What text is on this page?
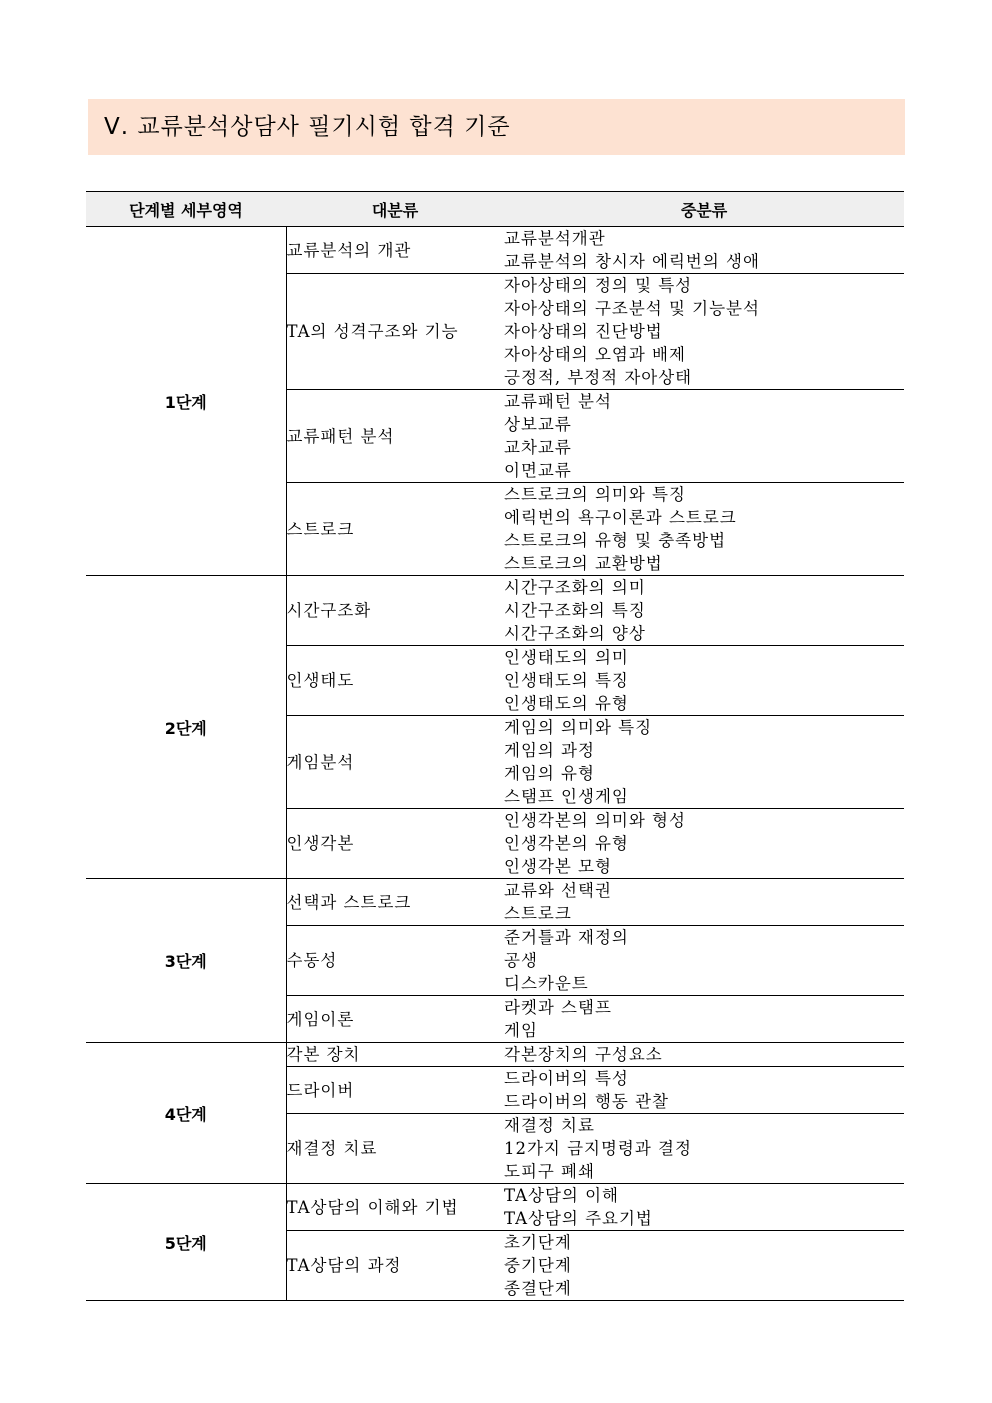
Ⅴ. 교류분석상담사 필기시험 합격 기준
단계별 세부영역	대분류	중분류
1단계	교류분석의 개관	교류분석개관
교류분석의 창시자 에릭번의 생애

	TA의 성격구조와 기능	자아상태의 정의 및 특성
자아상태의 구조분석 및 기능분석
자아상태의 진단방법
자아상태의 오염과 배제
긍정적, 부정적 자아상태

	교류패턴 분석	교류패턴 분석
상보교류
교차교류
이면교류

	스트로크	스트로크의 의미와 특징
에릭번의 욕구이론과 스트로크
스트로크의 유형 및 충족방법
스트로크의 교환방법

2단계	시간구조화	시간구조화의 의미
시간구조화의 특징
시간구조화의 양상

	인생태도	인생태도의 의미
인생태도의 특징
인생태도의 유형

	게임분석	게임의 의미와 특징
게임의 과정
게임의 유형
스탬프 인생게임

	인생각본	인생각본의 의미와 형성
인생각본의 유형
인생각본 모형

3단계	선택과 스트로크	교류와 선택권
스트로크

	수동성	준거틀과 재정의
공생
디스카운트

	게임이론	라켓과 스탬프
게임

4단계	각본 장치	각본장치의 구성요소

	드라이버	드라이버의 특성
드라이버의 행동 관찰

	재결정 치료	재결정 치료
12가지 금지명령과 결정
도피구 폐쇄

5단계	TA상담의 이해와 기법	TA상담의 이해
TA상담의 주요기법

	TA상담의 과정	초기단계
중기단계
종결단계
